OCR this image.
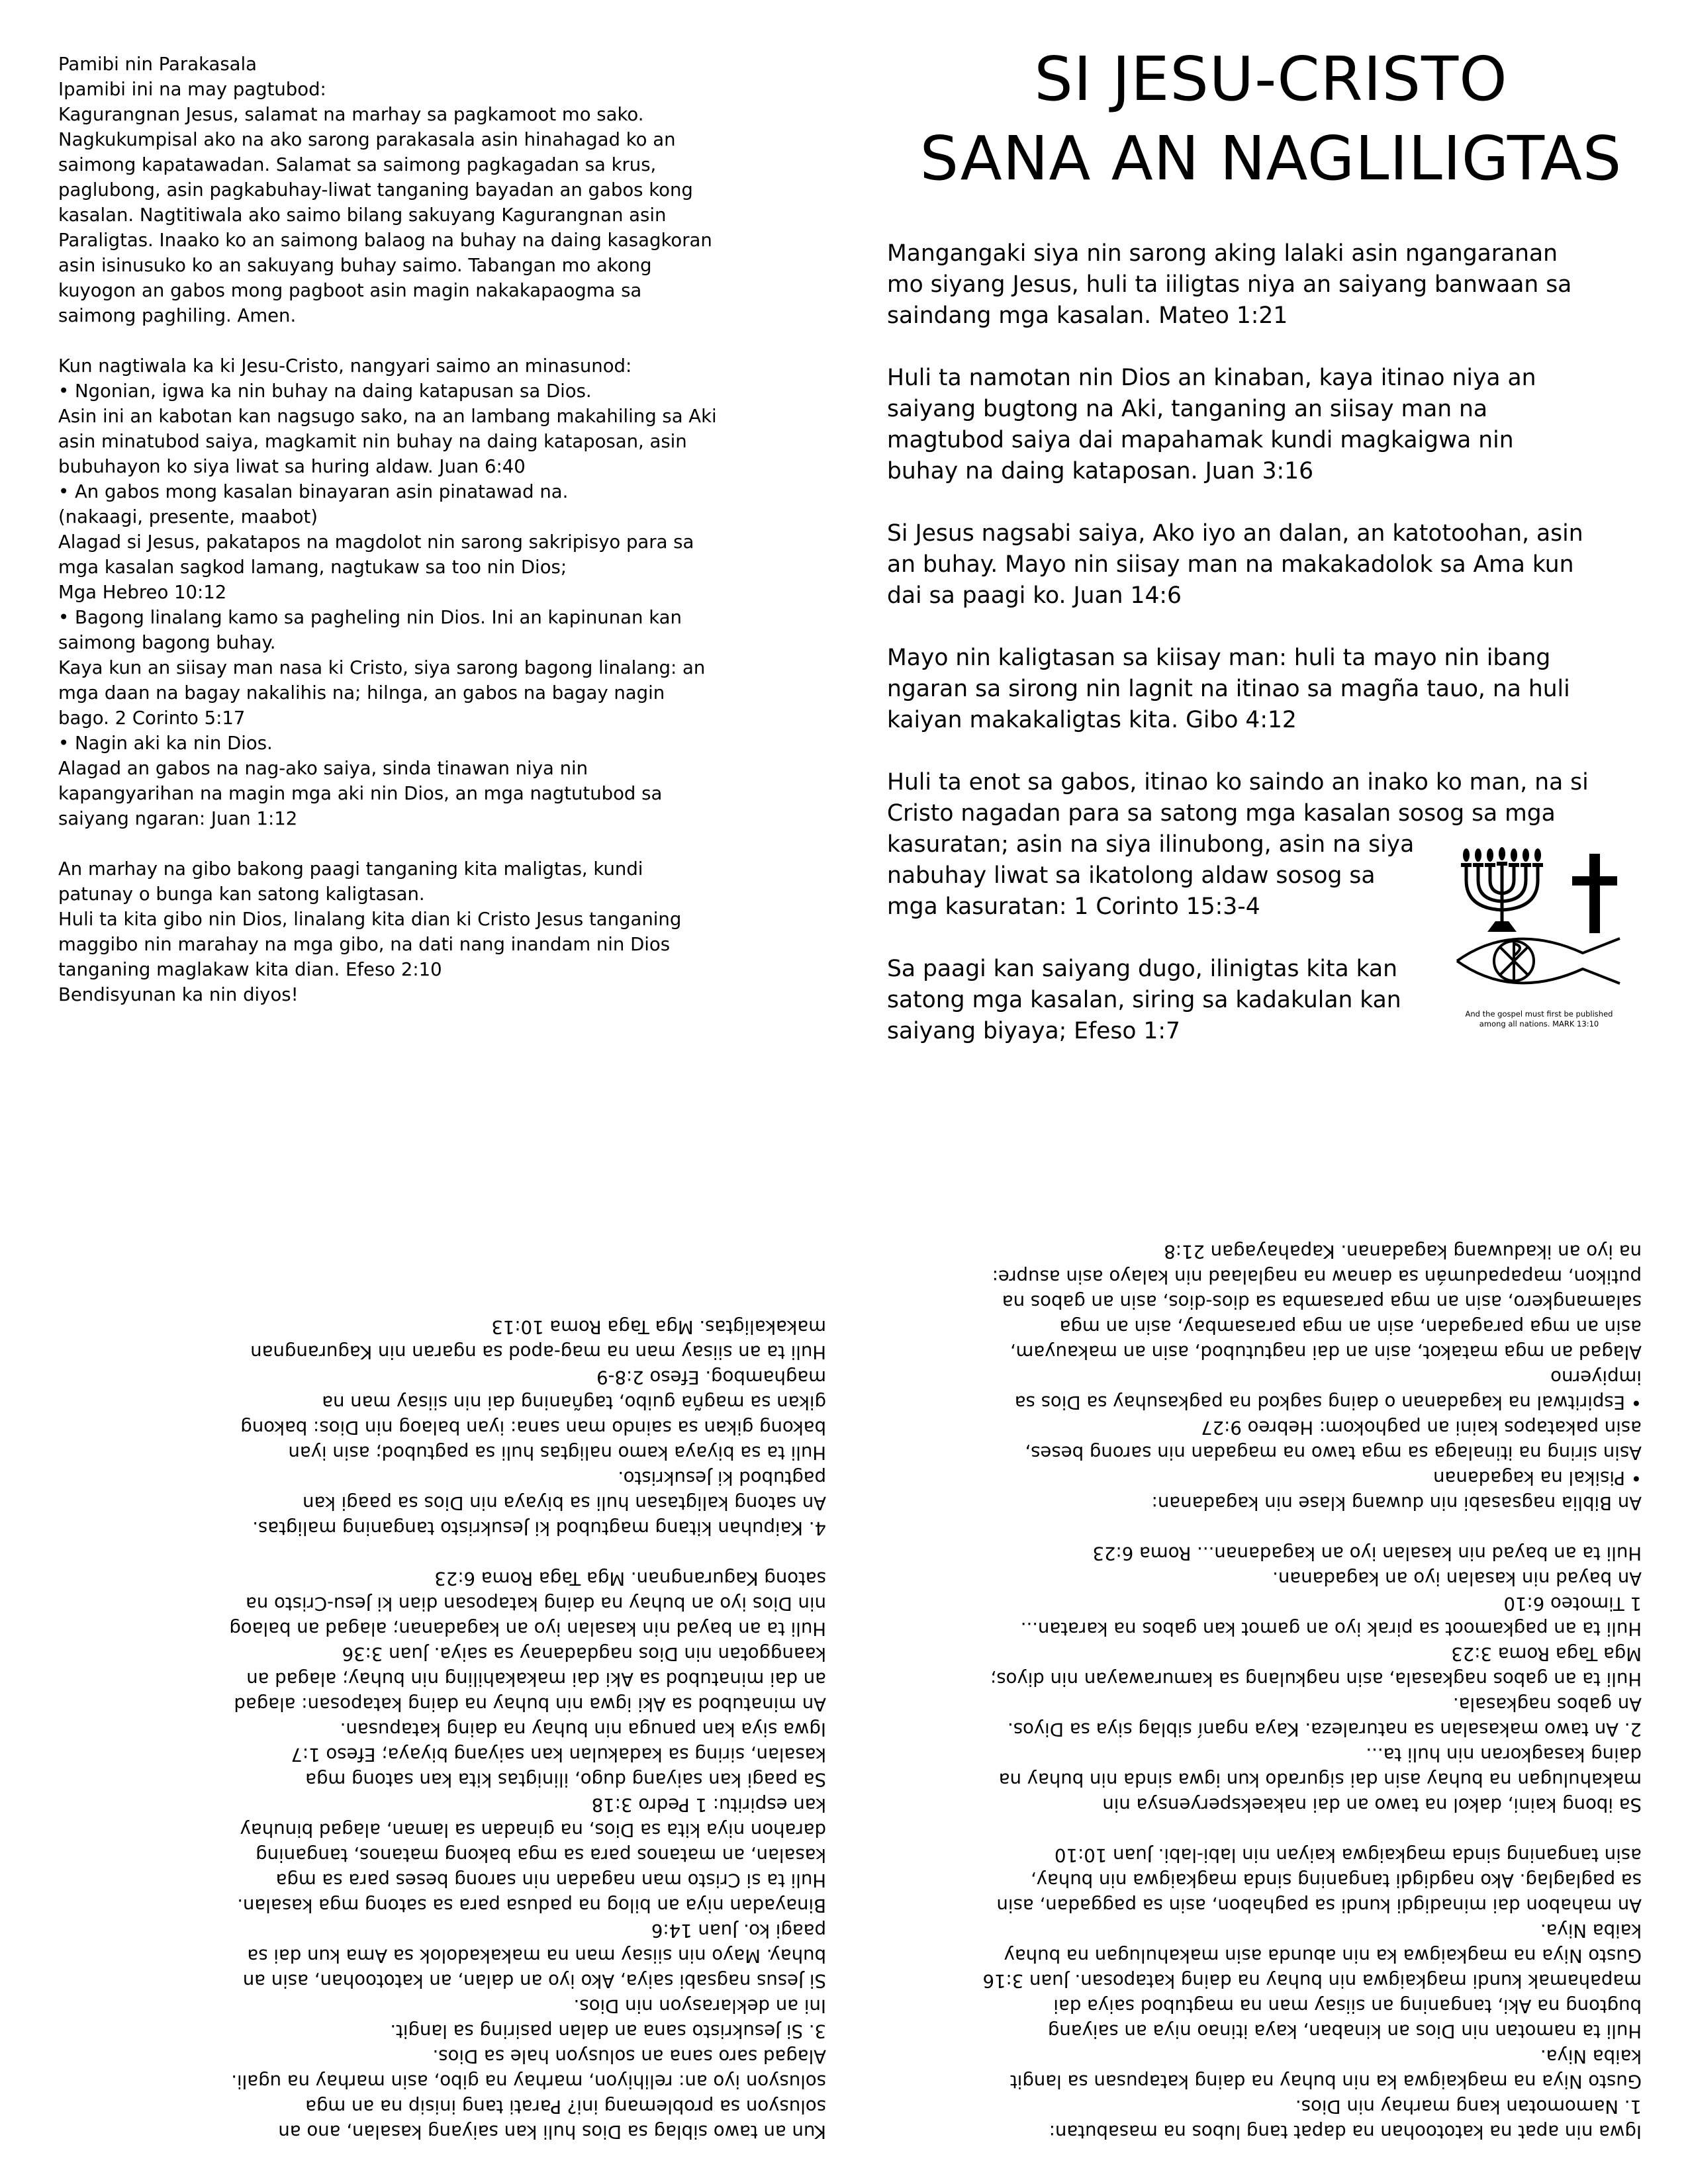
Pamibi nin Parakasala
Ipamibi ini na may pagtubod:
Kagurangnan Jesus, salamat na marhay sa pagkamoot mo sako.
Nagkukumpisal ako na ako sarong parakasala asin hinahagad ko an
saimong kapatawadan. Salamat sa saimong pagkagadan sa krus,
paglubong, asin pagkabuhay-liwat tanganing bayadan an gabos kong
kasalan. Nagtitiwala ako saimo bilang sakuyang Kagurangnan asin
Paraligtas. Inaako ko an saimong balaog na buhay na daing kasagkoran
asin isinusuko ko an sakuyang buhay saimo. Tabangan mo akong
kuyogon an gabos mong pagboot asin magin nakakapaogma sa
saimong paghiling. Amen.
Kun nagtiwala ka ki Jesu-Cristo, nangyari saimo an minasunod:
• Ngonian, igwa ka nin buhay na daing katapusan sa Dios.
Asin ini an kabotan kan nagsugo sako, na an lambang makahiling sa Aki
asin minatubod saiya, magkamit nin buhay na daing kataposan, asin
bubuhayon ko siya liwat sa huring aldaw. Juan 6:40
• An gabos mong kasalan binayaran asin pinatawad na.
(nakaagi, presente, maabot)
Alagad si Jesus, pakatapos na magdolot nin sarong sakripisyo para sa
mga kasalan sagkod lamang, nagtukaw sa too nin Dios;
Mga Hebreo 10:12
• Bagong linalang kamo sa pagheling nin Dios. Ini an kapinunan kan
saimong bagong buhay.
Kaya kun an siisay man nasa ki Cristo, siya sarong bagong linalang: an
mga daan na bagay nakalihis na; hilnga, an gabos na bagay nagin
bago. 2 Corinto 5:17
• Nagin aki ka nin Dios.
Alagad an gabos na nag-ako saiya, sinda tinawan niya nin
kapangyarihan na magin mga aki nin Dios, an mga nagtutubod sa
saiyang ngaran: Juan 1:12
An marhay na gibo bakong paagi tanganing kita maligtas, kundi
patunay o bunga kan satong kaligtasan.
Huli ta kita gibo nin Dios, linalang kita dian ki Cristo Jesus tanganing
maggibo nin marahay na mga gibo, na dati nang inandam nin Dios
tanganing maglakaw kita dian. Efeso 2:10
Bendisyunan ka nin diyos!
SI JESU-CRISTO
SANA AN NAGLILIGTAS
Mangangaki siya nin sarong aking lalaki asin ngangaranan
mo siyang Jesus, huli ta iiligtas niya an saiyang banwaan sa
saindang mga kasalan. Mateo 1:21
Huli ta namotan nin Dios an kinaban, kaya itinao niya an
saiyang bugtong na Aki, tanganing an siisay man na
magtubod saiya dai mapahamak kundi magkaigwa nin
buhay na daing kataposan. Juan 3:16
Si Jesus nagsabi saiya, Ako iyo an dalan, an katotoohan, asin
an buhay. Mayo nin siisay man na makakadolok sa Ama kun
dai sa paagi ko. Juan 14:6
Mayo nin kaligtasan sa kiisay man: huli ta mayo nin ibang
ngaran sa sirong nin lagnit na itinao sa magña tauo, na huli
kaiyan makakaligtas kita. Gibo 4:12
Huli ta enot sa gabos, itinao ko saindo an inako ko man, na si
Cristo nagadan para sa satong mga kasalan sosog sa mga
kasuratan; asin na siya ilinubong, asin na siya
nabuhay liwat sa ikatolong aldaw sosog sa
mga kasuratan: 1 Corinto 15:3-4
Sa paagi kan saiyang dugo, ilinigtas kita kan
satong mga kasalan, siring sa kadakulan kan
saiyang biyaya; Efeso 1:7
And the gospel must first be published
among all nations. MARK 13:10
Kun an tawo siblag sa Dios huli kan saiyang kasalan, ano an
solusyon sa problemang ini? Parati tang inisip na an mga
solusyon iyo an: relihiyon, marhay na gibo, asin marhay na ugali.
Alagad saro sana an solusyon hale sa Dios.
3. Si Jesukristo sana an dalan pasiring sa langit.
Ini an deklarasyon nin Dios.
Si Jesus nagsabi saiya, Ako iyo an dalan, an katotoohan, asin an
buhay. Mayo nin siisay man na makakadolok sa Ama kun dai sa
paagi ko. Juan 14:6
Binayadan niya an bilog na padusa para sa satong mga kasalan.
Huli ta si Cristo man nagadan nin sarong beses para sa mga
kasalan, an matanos para sa mga bakong matanos, tanganing
darahon niya kita sa Dios, na ginadan sa laman, alagad binuhay
kan espiritu: 1 Pedro 3:18
Sa paagi kan saiyang dugo, ilinigtas kita kan satong mga
kasalan, siring sa kadakulan kan saiyang biyaya; Efeso 1:7
Igwa siya kan panuga nin buhay na daing katapusan.
An minatubod sa Aki igwa nin buhay na daing kataposan: alagad
an dai minatubod sa Aki dai makakahiling nin buhay; alagad an
kaanggotan nin Dios nagdadanay sa saiya. Juan 3:36
Huli ta an bayad nin kasalan iyo an kagadanan; alagad an balaog
nin Dios iyo an buhay na daing kataposan dian ki Jesu-Cristo na
satong Kagurangnan. Mga Taga Roma 6:23
4. Kaipuhan kitang magtubod ki Jesukristo tanganing maligtas.
An satong kaligtasan huli sa biyaya nin Dios sa paagi kan
pagtubod ki Jesukristo.
Huli ta sa biyaya kamo naligtas huli sa pagtubod; asin iyan
bakong gikan sa saindo man sana: iyan balaog nin Dios: bakong
gikan sa magña guibo, tagñaning dai nin siisay man na
maghambog. Efeso 2:8-9
Huli ta an siisay man na mag-apod sa ngaran nin Kagurangnan
makakaligtas. Mga Taga Roma 10:13
Igwa nin apat na katotoohan na dapat tang lubos na masabutan:
1. Namomotan kang marhay nin Dios.
Gusto Niya na magkaigwa ka nin buhay na daing katapusan sa langit
kaiba Niya.
Huli ta namotan nin Dios an kinaban, kaya itinao niya an saiyang
bugtong na Aki, tanganing an siisay man na magtubod saiya dai
mapahamak kundi magkaigwa nin buhay na daing kataposan. Juan 3:16
Gusto Niya na magkaigwa ka nin abunda asin makahulugan na buhay
kaiba Niya.
An mahabon dai minadigdi kundi sa paghabon, asin sa paggadan, asin
sa paglaglag. Ako nagdigdi tanganing sinda magkaigwa nin buhay,
asin tanganing sinda magkaigwa kaiyan nin labi-labi. Juan 10:10
Sa ibong kaini, dakol na tawo an dai nakaeksperyensya nin
makahulugan na buhay asin dai sigurado kun igwa sinda nin buhay na
daing kasagkoran nin huli ta...
2. An tawo makasalan sa naturaleza. Kaya nganí siblag siya sa Diyos.
An gabos nagkasala.
Huli ta an gabos nagkasala, asin nagkulang sa kamurawayan nin diyos;
Mga Taga Roma 3:23
Huli ta an pagkamoot sa pirak iyo an gamot kan gabos na karatan...
1 Timoteo 6:10
An bayad nin kasalan iyo an kagadanan.
Huli ta an bayad nin kasalan iyo an kagadanan... Roma 6:23
An Biblia nagsasabi nin duwang klase nin kagadanan:
• Pisikal na kagadanan
Asin siring na itinalaga sa mga tawo na magadan nin sarong beses,
asin pakatapos kaini an paghokom: Hebreo 9:27
• Espiritwal na kagadanan o daing sagkod na pagkasuhay sa Dios sa
impiyerno
Alagad an mga matakot, asin an dai nagtutubod, asin an makauyam,
asin an mga paragadan, asin an mga parasambay, asin an mga
salamangkero, asin an mga parasamba sa dios-dios, asin an gabos na
putikon, mapapadumán sa danaw na naglalaad nin kalayo asin asupre:
na iyo an ikaduwang kagadanan. Kapahayagan 21:8
